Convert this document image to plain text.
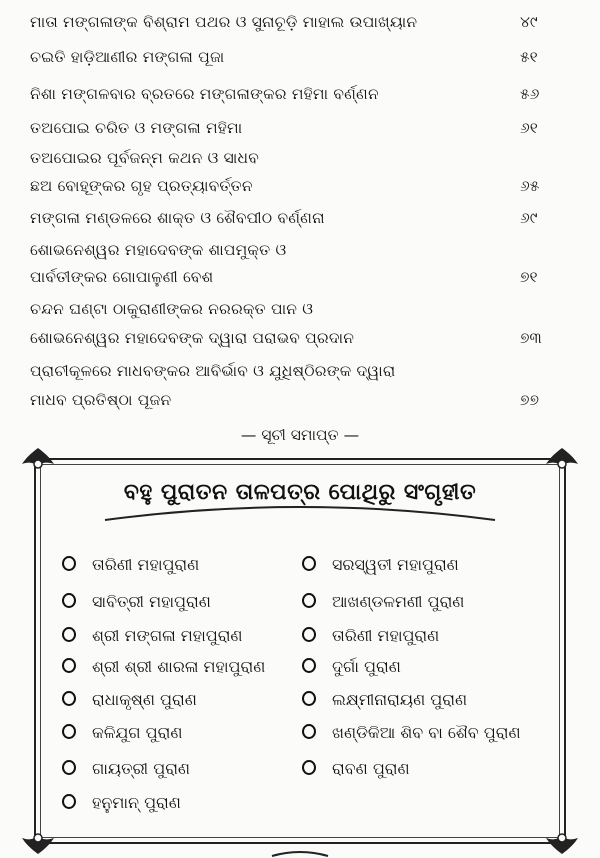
ମାତା ମଙ୍ଗଳାଙ୍କ ବିଶ୍ରାମ ପଥର ଓ ସୁନାଚୂଡ଼ି ମାହାଲ ଉପାଖ୍ୟାନ	୪୯
ଚଇତି ହାଡ଼ିଆଣୀର ମଙ୍ଗଳା ପୂଜା	୫୧
ନିଶା ମଙ୍ଗଳବାର ବ୍ରତରେ ମଙ୍ଗଳାଙ୍କର ମହିମା ବର୍ଣ୍ଣନ	୫୬
ତଅପୋଇ ଚରିତ ଓ ମଙ୍ଗଳା ମହିମା	୬୧
ତଅପୋଇର ପୂର୍ବଜନ୍ମ କଥନ ଓ ସାଧବ
ଛଅ ବୋହୂଙ୍କର ଗୃହ ପ୍ରତ୍ୟାବର୍ତ୍ତନ	୬୫
ମଙ୍ଗଳା ମଣ୍ଡଳରେ ଶାକ୍ତ ଓ ଶୈବପୀଠ ବର୍ଣ୍ଣନା	୬୯
ଶୋଭନେଶ୍ୱର ମହାଦେବଙ୍କ ଶାପମୁକ୍ତ ଓ
ପାର୍ବତୀଙ୍କର ଗୋପାଳୁଣୀ ବେଶ	୭୧
ଚନ୍ଦନ ଘଣ୍ଟା ଠାକୁରାଣୀଙ୍କର ନରରକ୍ତ ପାନ ଓ
ଶୋଭନେଶ୍ୱର ମହାଦେବଙ୍କ ଦ୍ୱାରା ପରାଭବ ପ୍ରଦାନ	୭୩
ପ୍ରାଚୀକୂଳରେ ମାଧବଙ୍କର ଆବିର୍ଭାବ ଓ ଯୁଧିଷ୍ଠିରଙ୍କ ଦ୍ୱାରା
ମାଧବ ପ୍ରତିଷ୍ଠା ପୂଜନ	୭୭
— ସୂଚୀ ସମାପ୍ତ —
ବହୁ ପୁରାତନ ତାଳପତ୍ର ପୋଥିରୁ ସଂଗୃହୀତ
ତାରିଣୀ ମହାପୁରାଣ
ସାବିତ୍ରୀ ମହାପୁରାଣ
ଶ୍ରୀ ମଙ୍ଗଳା ମହାପୁରାଣ
ଶ୍ରୀ ଶ୍ରୀ ଶାରଳା ମହାପୁରାଣ
ରାଧାକୃଷ୍ଣ ପୁରାଣ
କଳିଯୁଗ ପୁରାଣ
ଗାୟତ୍ରୀ ପୁରାଣ
ହନୁମାନ୍ ପୁରାଣ
ସରସ୍ୱତୀ ମହାପୁରାଣ
ଆଖଣ୍ଡଳମଣୀ ପୁରାଣ
ତାରିଣୀ ମହାପୁରାଣ
ଦୁର୍ଗା ପୁରାଣ
ଲକ୍ଷ୍ମୀନାରାୟଣ ପୁରାଣ
ଖଣ୍ଡିକିଆ ଶିବ ବା ଶୈବ ପୁରାଣ
ରାବଣ ପୁରାଣ
